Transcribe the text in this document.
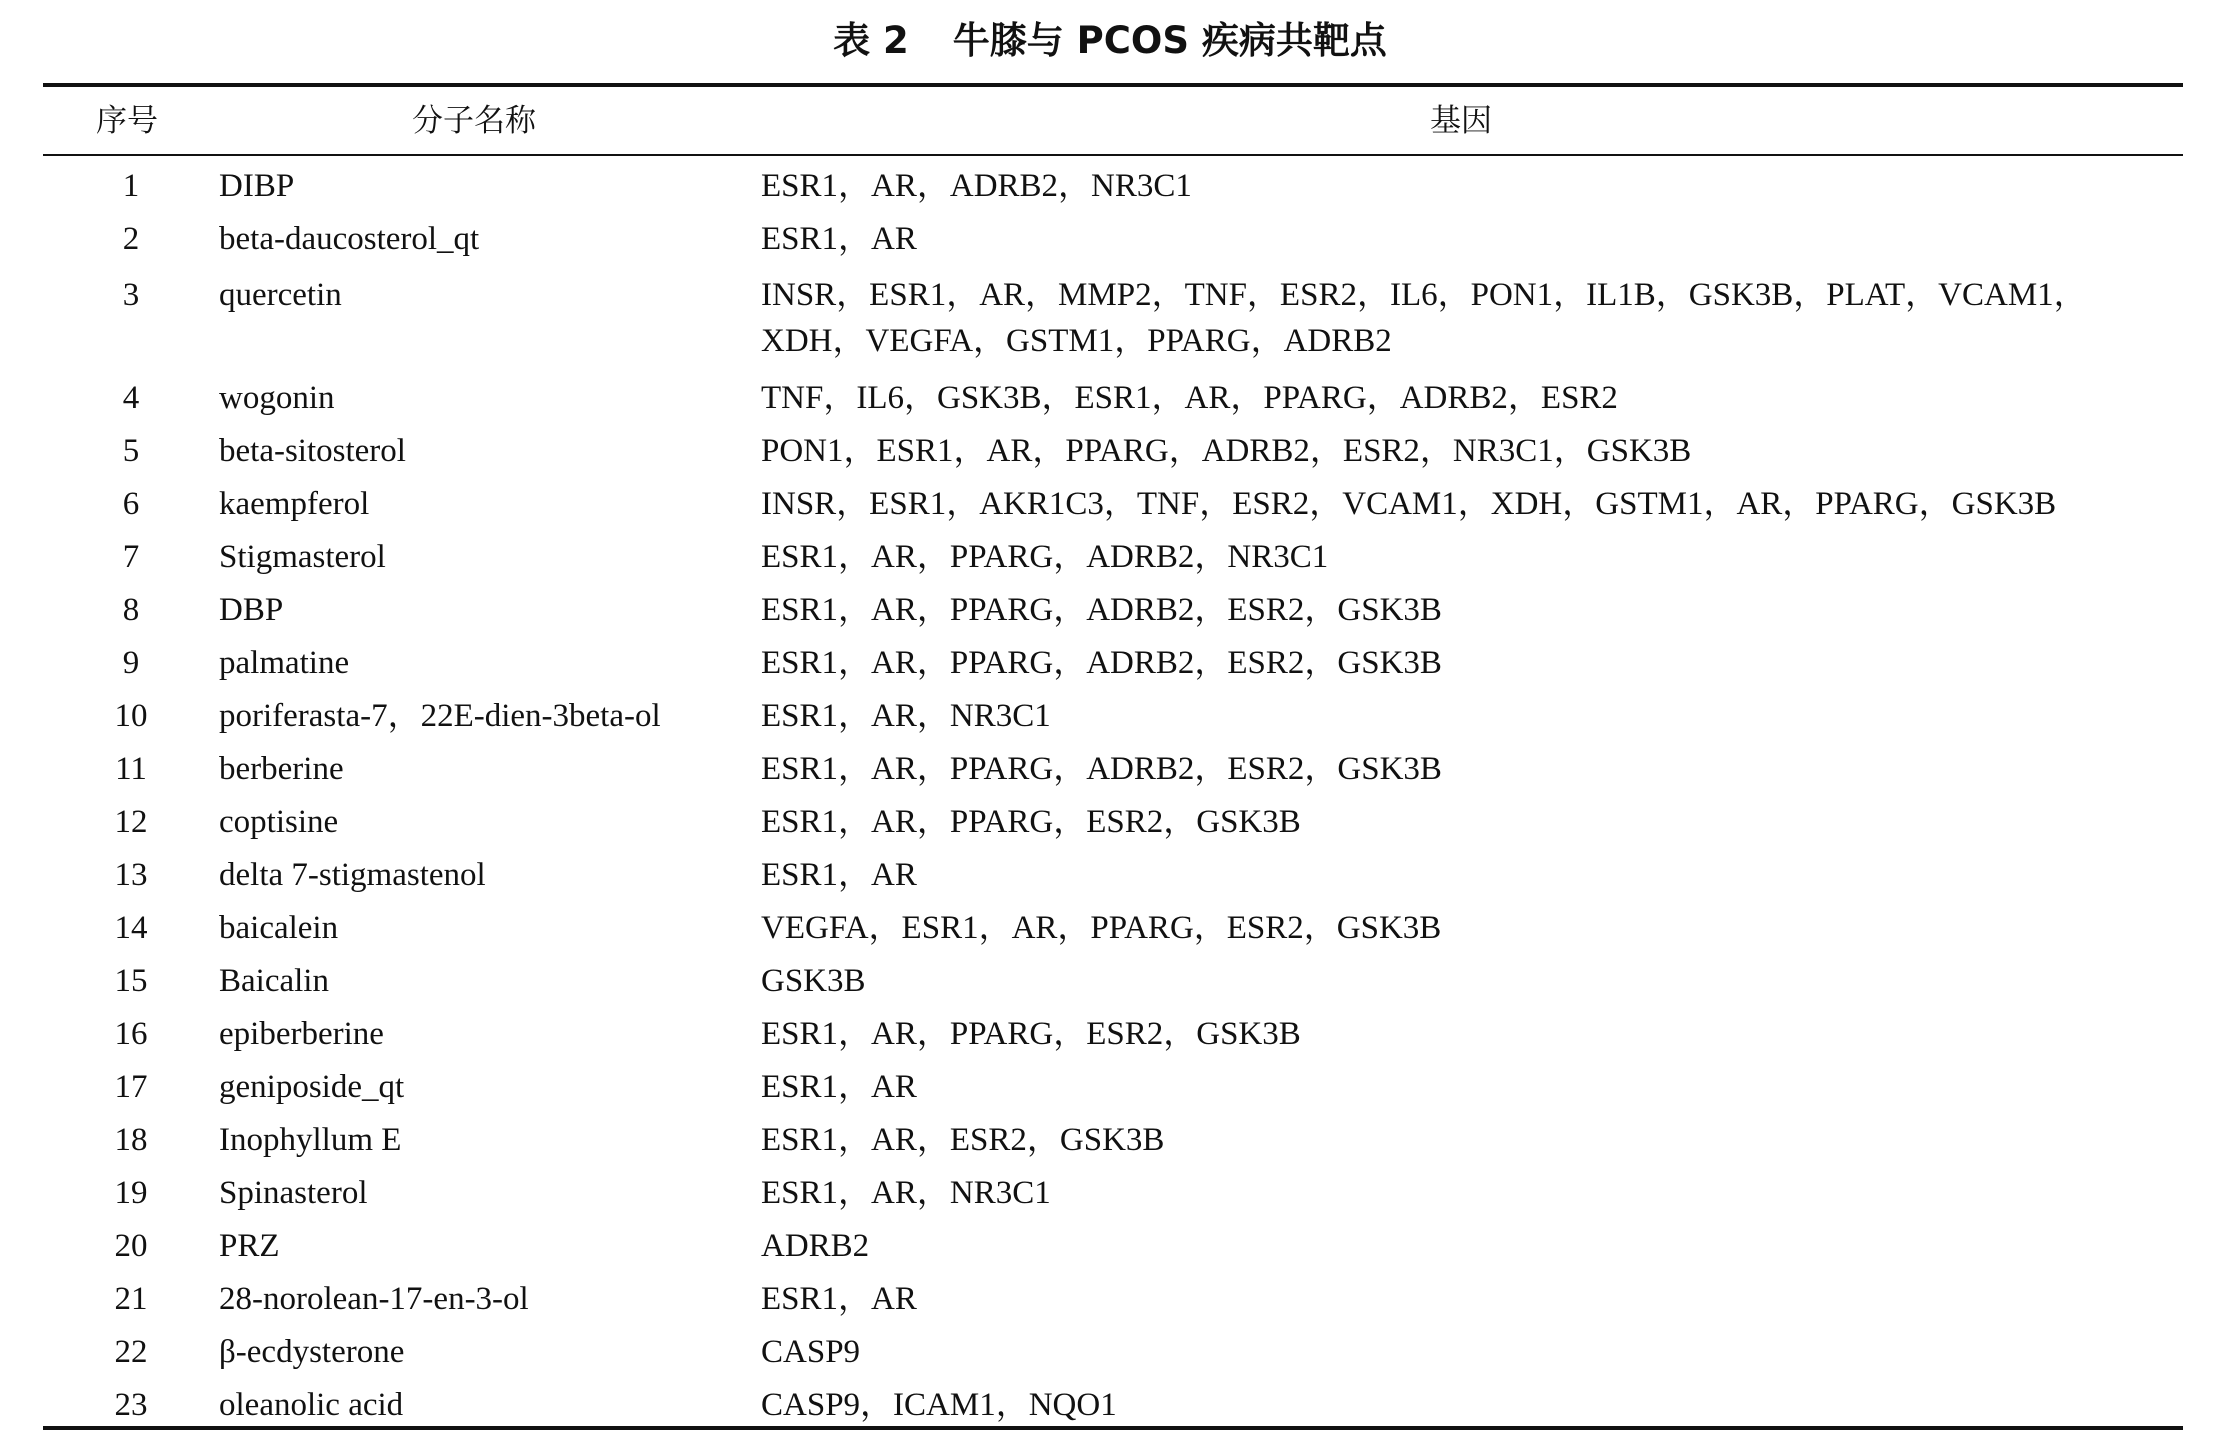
表 2 牛膝与 PCOS 疾病共靶点
序号	分子名称	基因
1	DIBP	ESR1，AR，ADRB2，NR3C1
2	beta-daucosterol_qt	ESR1，AR
3	quercetin	INSR，ESR1，AR，MMP2，TNF，ESR2，IL6，PON1，IL1B，GSK3B，PLAT，VCAM1，XDH，VEGFA，GSTM1，PPARG，ADRB2
4	wogonin	TNF，IL6，GSK3B，ESR1，AR，PPARG，ADRB2，ESR2
5	beta-sitosterol	PON1，ESR1，AR，PPARG，ADRB2，ESR2，NR3C1，GSK3B
6	kaempferol	INSR，ESR1，AKR1C3，TNF，ESR2，VCAM1，XDH，GSTM1，AR，PPARG，GSK3B
7	Stigmasterol	ESR1，AR，PPARG，ADRB2，NR3C1
8	DBP	ESR1，AR，PPARG，ADRB2，ESR2，GSK3B
9	palmatine	ESR1，AR，PPARG，ADRB2，ESR2，GSK3B
10	poriferasta-7，22E-dien-3beta-ol	ESR1，AR，NR3C1
11	berberine	ESR1，AR，PPARG，ADRB2，ESR2，GSK3B
12	coptisine	ESR1，AR，PPARG，ESR2，GSK3B
13	delta 7-stigmastenol	ESR1，AR
14	baicalein	VEGFA，ESR1，AR，PPARG，ESR2，GSK3B
15	Baicalin	GSK3B
16	epiberberine	ESR1，AR，PPARG，ESR2，GSK3B
17	geniposide_qt	ESR1，AR
18	Inophyllum E	ESR1，AR，ESR2，GSK3B
19	Spinasterol	ESR1，AR，NR3C1
20	PRZ	ADRB2
21	28-norolean-17-en-3-ol	ESR1，AR
22	β-ecdysterone	CASP9
23	oleanolic acid	CASP9，ICAM1，NQO1
